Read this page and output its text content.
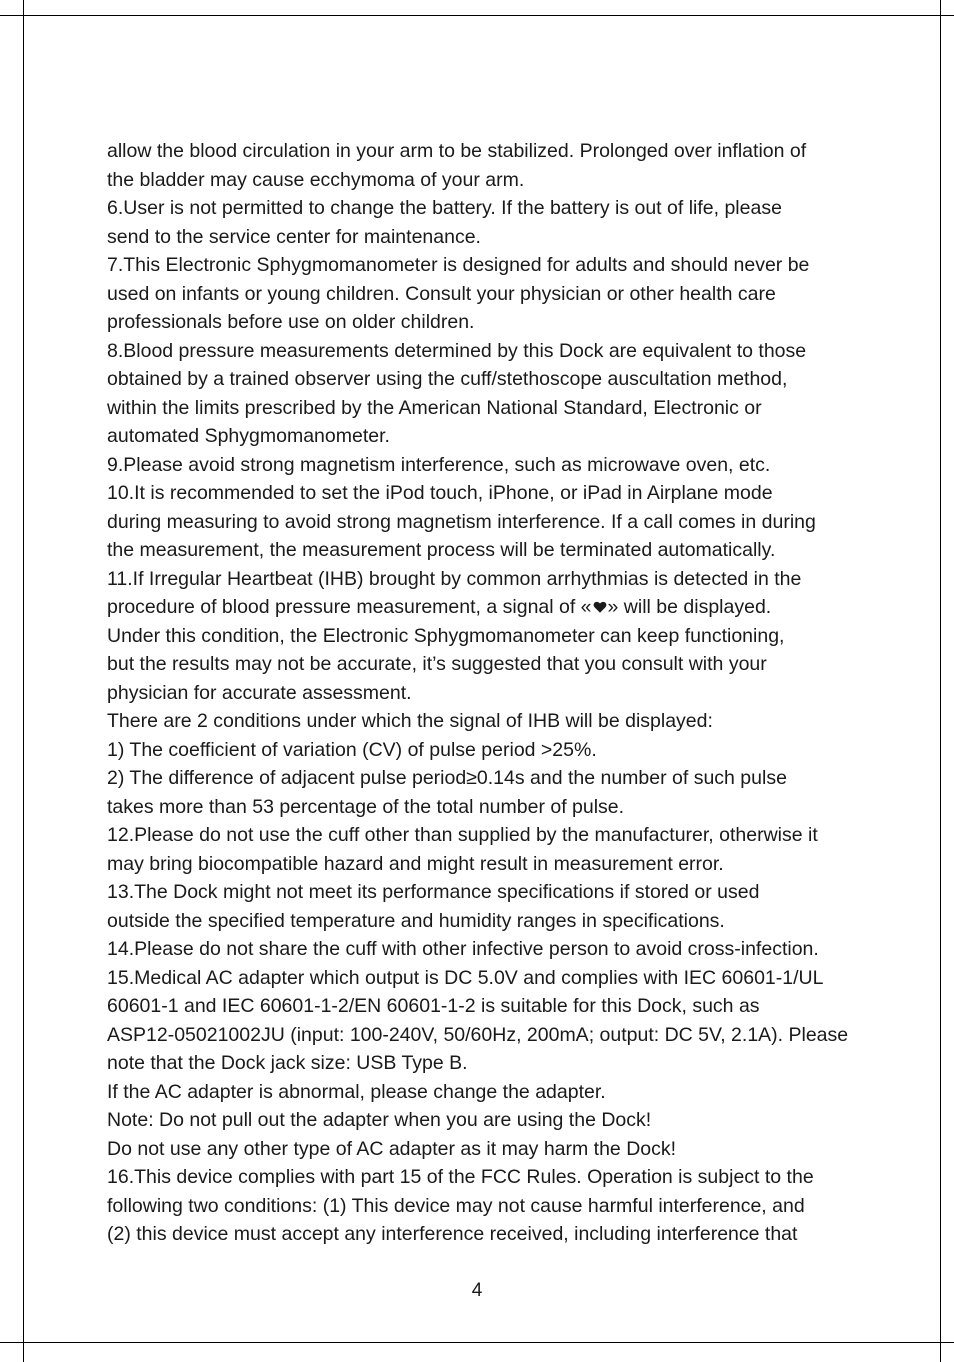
allow the blood circulation in your arm to be stabilized. Prolonged over inflation of
the bladder may cause ecchymoma of your arm.
6.User is not permitted to change the battery. If the battery is out of life, please
send to the service center for maintenance.
7.This Electronic Sphygmomanometer is designed for adults and should never be
used on infants or young children. Consult your physician or other health care
professionals before use on older children.
8.Blood pressure measurements determined by this Dock are equivalent to those
obtained by a trained observer using the cuff/stethoscope auscultation method,
within the limits prescribed by the American National Standard, Electronic or
automated Sphygmomanometer.
9.Please avoid strong magnetism interference, such as microwave oven, etc.
10.It is recommended to set the iPod touch, iPhone, or iPad in Airplane mode
during measuring to avoid strong magnetism interference. If a call comes in during
the measurement, the measurement process will be terminated automatically.
11.If Irregular Heartbeat (IHB) brought by common arrhythmias is detected in the
procedure of blood pressure measurement, a signal of « » will be displayed.
Under this condition, the Electronic Sphygmomanometer can keep functioning,
but the results may not be accurate, it’s suggested that you consult with your
physician for accurate assessment.
There are 2 conditions under which the signal of IHB will be displayed:
1) The coefficient of variation (CV) of pulse period >25%.
2) The difference of adjacent pulse period≥0.14s and the number of such pulse
takes more than 53 percentage of the total number of pulse.
12.Please do not use the cuff other than supplied by the manufacturer, otherwise it
may bring biocompatible hazard and might result in measurement error.
13.The Dock might not meet its performance specifications if stored or used
outside the specified temperature and humidity ranges in specifications.
14.Please do not share the cuff with other infective person to avoid cross-infection.
15.Medical AC adapter which output is DC 5.0V and complies with IEC 60601-1/UL
60601-1 and IEC 60601-1-2/EN 60601-1-2 is suitable for this Dock, such as
ASP12-05021002JU (input: 100-240V, 50/60Hz, 200mA; output: DC 5V, 2.1A). Please
note that the Dock jack size: USB Type B.
If the AC adapter is abnormal, please change the adapter.
Note: Do not pull out the adapter when you are using the Dock!
Do not use any other type of AC adapter as it may harm the Dock!
16.This device complies with part 15 of the FCC Rules. Operation is subject to the
following two conditions: (1) This device may not cause harmful interference, and
(2) this device must accept any interference received, including interference that
4
